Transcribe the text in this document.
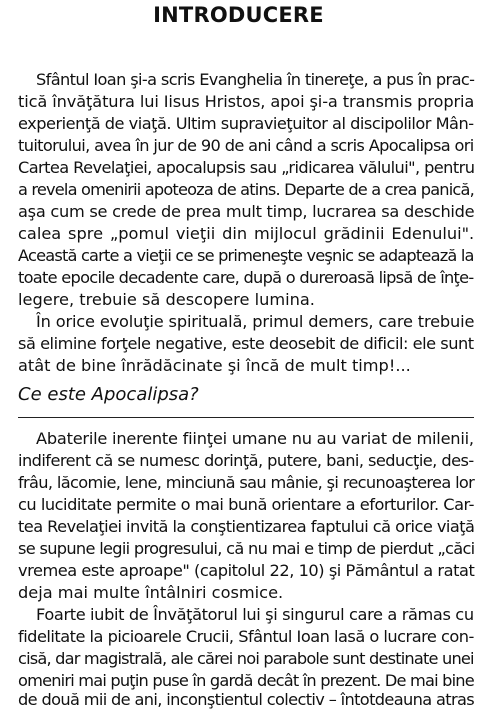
INTRODUCERE

Sfântul Ioan şi-a scris Evanghelia în tinereţe, a pus în prac-

tică învăţătura lui Iisus Hristos, apoi şi-a transmis propria

experienţă de viaţă. Ultim supravieţuitor al discipolilor Mân-

tuitorului, avea în jur de 90 de ani când a scris Apocalipsa ori

Cartea Revelaţiei, apocalupsis sau „ridicarea vălului", pentru

a revela omenirii apoteoza de atins. Departe de a crea panică,

aşa cum se crede de prea mult timp, lucrarea sa deschide

calea spre „pomul vieţii din mijlocul grădinii Edenului".

Această carte a vieţii ce se primeneşte veşnic se adaptează la

toate epocile decadente care, după o dureroasă lipsă de înţe-

legere, trebuie să descopere lumina.

În orice evoluţie spirituală, primul demers, care trebuie

să elimine forţele negative, este deosebit de dificil: ele sunt

atât de bine înrădăcinate şi încă de mult timp!...

Ce este Apocalipsa?

Abaterile inerente fiinţei umane nu au variat de milenii,

indiferent că se numesc dorinţă, putere, bani, seducţie, des-

frâu, lăcomie, lene, minciună sau mânie, şi recunoaşterea lor

cu luciditate permite o mai bună orientare a eforturilor. Car-

tea Revelaţiei invită la conştientizarea faptului că orice viaţă

se supune legii progresului, că nu mai e timp de pierdut „căci

vremea este aproape" (capitolul 22, 10) şi Pământul a ratat

deja mai multe întâlniri cosmice.

Foarte iubit de Învăţătorul lui şi singurul care a rămas cu

fidelitate la picioarele Crucii, Sfântul Ioan lasă o lucrare con-

cisă, dar magistrală, ale cărei noi parabole sunt destinate unei

omeniri mai puţin puse în gardă decât în prezent. De mai bine

de două mii de ani, inconştientul colectiv – întotdeauna atras
